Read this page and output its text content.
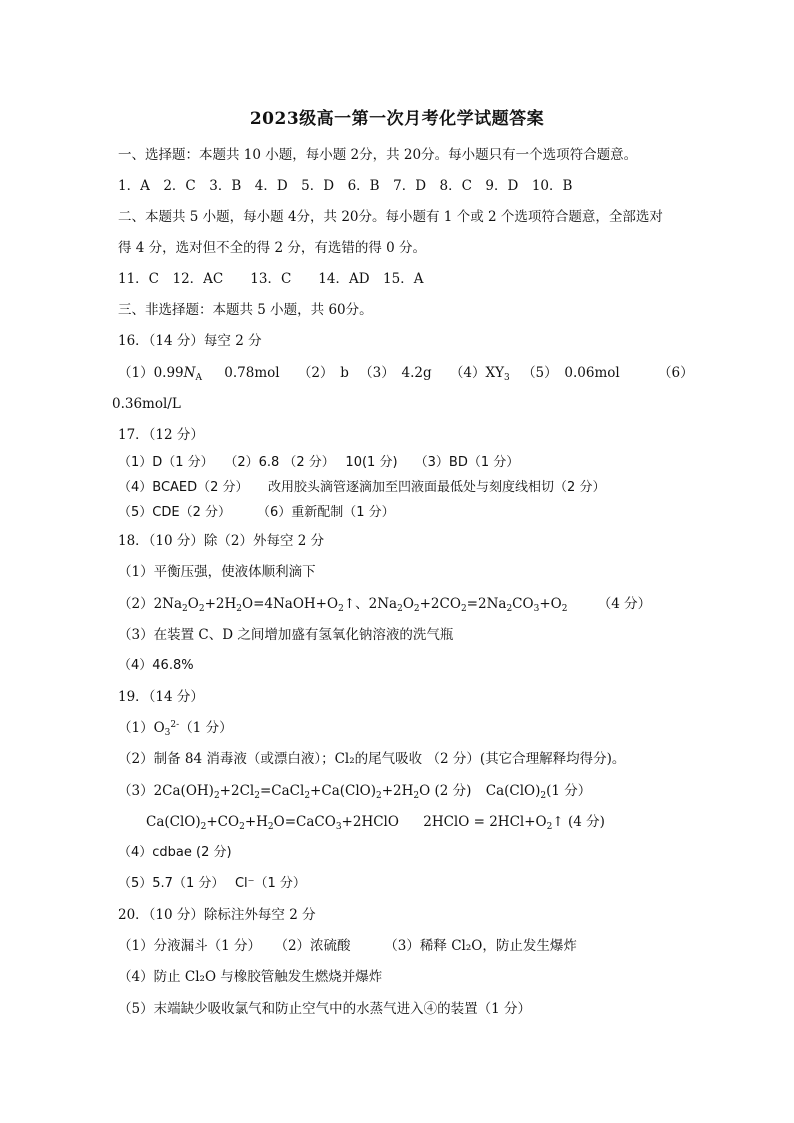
2023级高一第一次月考化学试题答案
一、选择题：本题共 10 小题，每小题 2分，共 20分。每小题只有一个选项符合题意。
1．A　2．C　3．B　4．D　5．D　6．B　7．D　8．C　9．D　10．B
二、本题共 5 小题，每小题 4分，共 20分。每小题有 1 个或 2 个选项符合题意，全部选对
得 4 分，选对但不全的得 2 分，有选错的得 0 分。
11．C　12．AC　　13．C　　14．AD　15．A
三、非选择题：本题共 5 小题，共 60分。
16．（14 分）每空 2 分
$(1)0.99N_A$ 0.78mol （2）　b （3）　4.2g $(4)XY_3$ （5）　0.06mol	（6）
0.36mol/L
17．（12 分）
（1）D（1 分）　 （2）6.8 （2 分）　 10(1 分)　 （3）BD（1 分）
（4）BCAED（2 分）　　改用胶头滴管逐滴加至凹液面最低处与刻度线相切（2 分）
（5）CDE（2 分）　　　（6）重新配制（1 分）
18．（10 分）除（2）外每空 2 分
（1）平衡压强，使液体顺利滴下
$(2)2Na_2O_2+2H_2O=4NaOH+O_2↑$、$2Na_2O_2+2CO_2=2Na_2CO_3+O_2$ （4 分）
（3）在装置 C、D 之间增加盛有氢氧化钠溶液的洗气瓶
（4）46.8%
19．（14 分）
$(1)O_3^{2-}(1$ 分）
（2）制备 84 消毒液（或漂白液）；Cl₂的尾气吸收 （2 分）(其它合理解释均得分)。
$(3)2Ca(OH)_2+2Cl_2=CaCl_2+Ca(ClO)_2+2H_2O$ (2 分) $Ca(ClO)_2(1$ 分）
$Ca(ClO)_2+CO_2+H_2O=CaCO_3+2HClO$ 2HClO = $2HCl+O_2↑$ (4 分)
（4）cdbae (2 分)
（5）5.7（1 分）　 Cl⁻（1 分）
20．（10 分）除标注外每空 2 分
（1）分液漏斗（1 分）　　（2）浓硫酸　　　（3）稀释 Cl₂O，防止发生爆炸
（4）防止 Cl₂O 与橡胶管触发生燃烧并爆炸
（5）末端缺少吸收氯气和防止空气中的水蒸气进入④的装置（1 分）
